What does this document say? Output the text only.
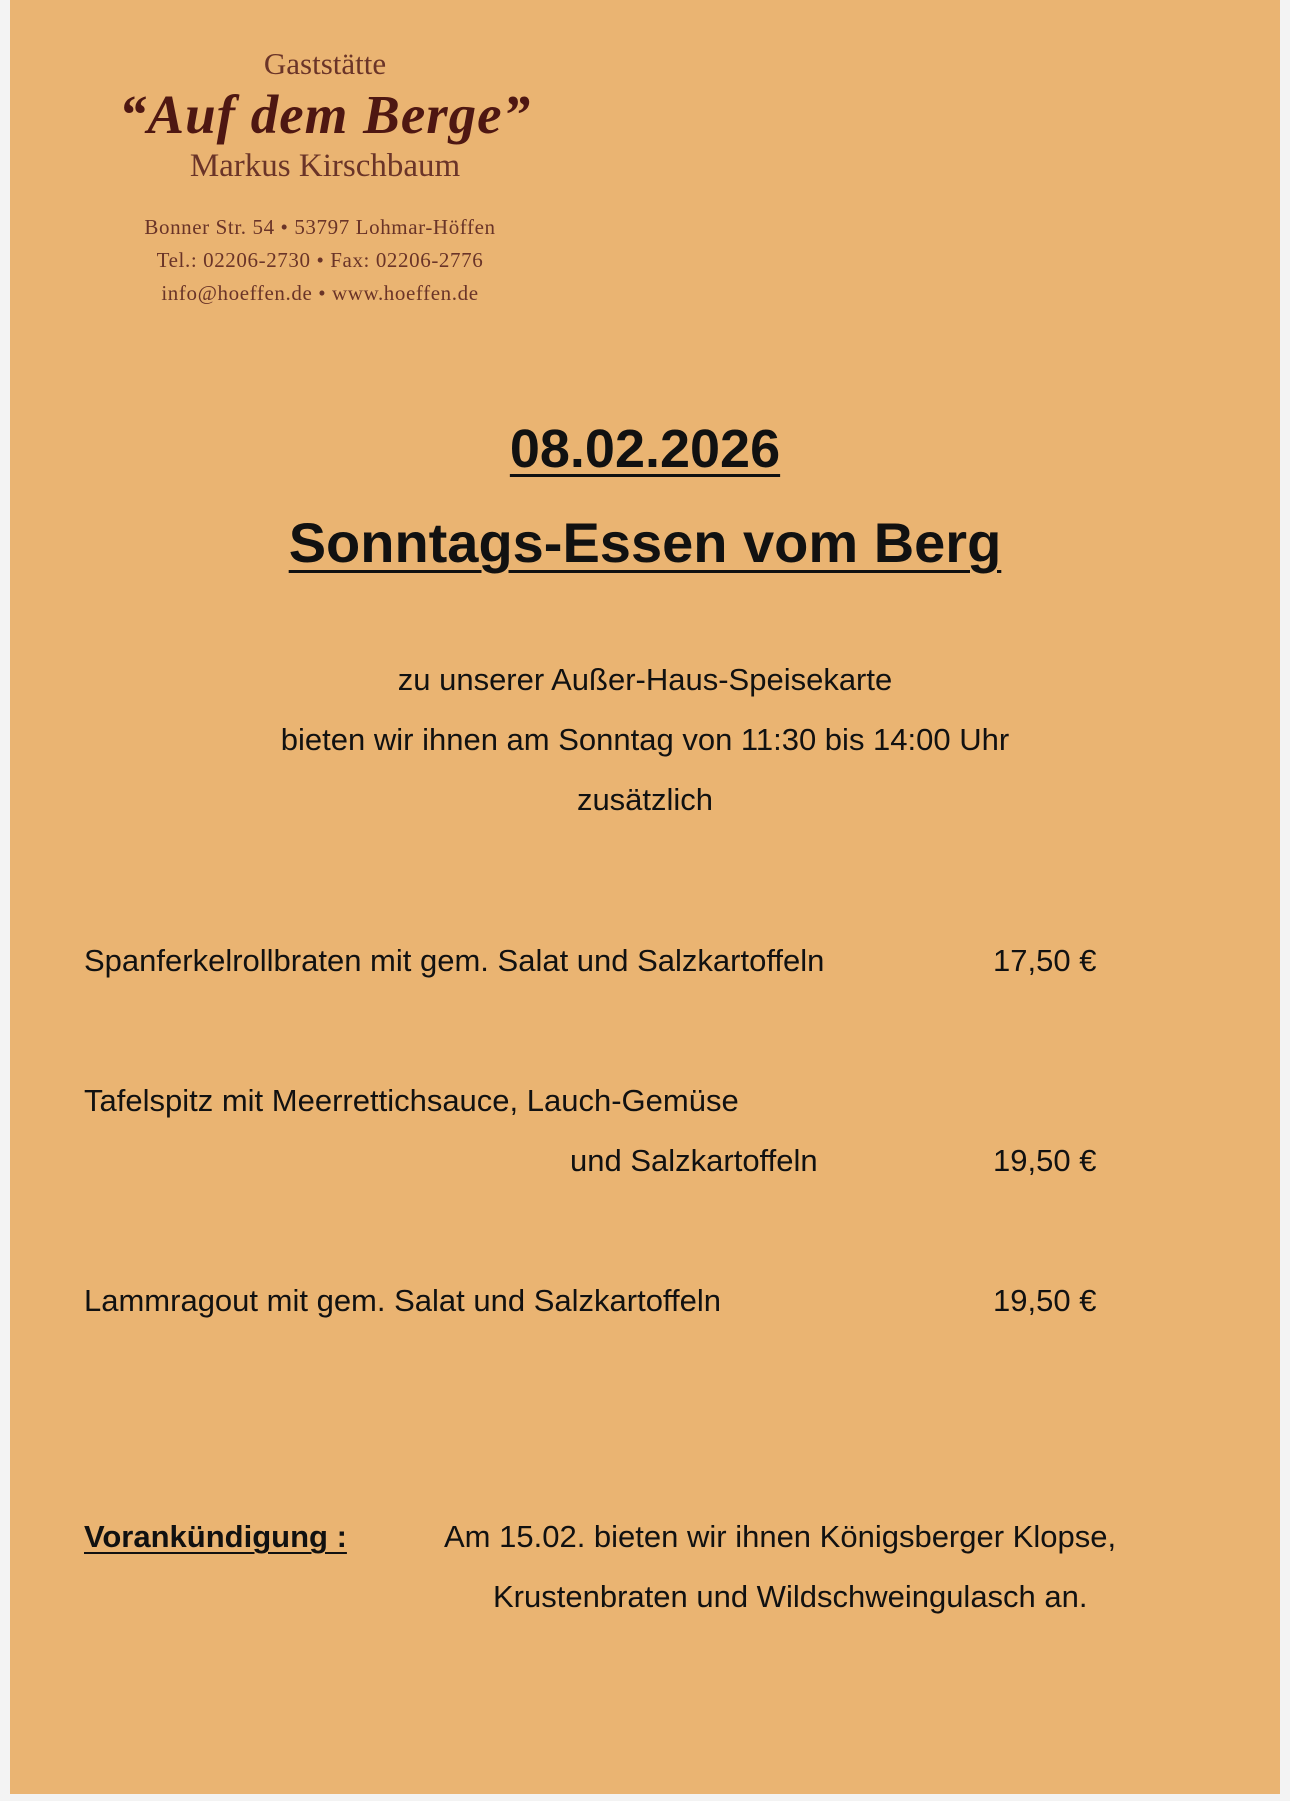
Gaststätte
“Auf dem Berge”
Markus Kirschbaum
Bonner Str. 54 • 53797 Lohmar-Höffen
Tel.: 02206-2730 • Fax: 02206-2776
info@hoeffen.de • www.hoeffen.de
08.02.2026
Sonntags-Essen vom Berg
zu unserer Außer-Haus-Speisekarte
bieten wir ihnen am Sonntag von 11:30 bis 14:00 Uhr
zusätzlich
Spanferkelrollbraten mit gem. Salat und Salzkartoffeln	17,50 €
Tafelspitz mit Meerrettichsauce, Lauch-Gemüse
und Salzkartoffeln	19,50 €
Lammragout mit gem. Salat und Salzkartoffeln	19,50 €
Vorankündigung :	Am 15.02. bieten wir ihnen Königsberger Klopse,
Krustenbraten und Wildschweingulasch an.
